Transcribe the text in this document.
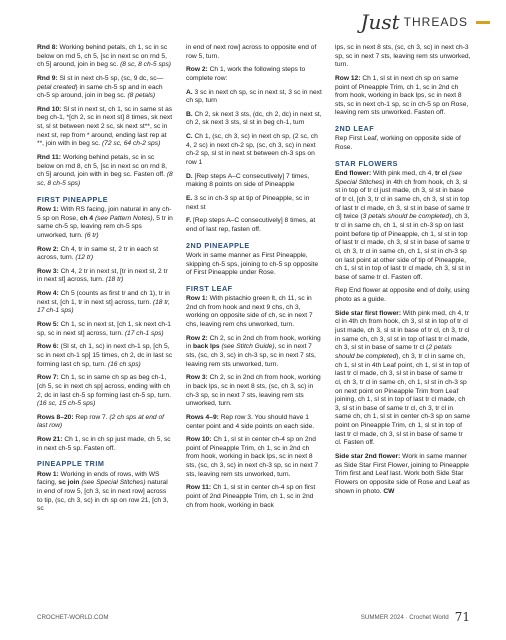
Just THREADS

Rnd 8: Working behind petals, ch 1, sc in sc below on rnd 5, ch 5, [sc in next sc on rnd 5, ch 5] around, join in beg sc. (8 sc, 8 ch-5 sps)

Rnd 9: Sl st in next ch-5 sp, (sc, 9 dc, sc—petal created) in same ch-5 sp and in each ch-5 sp around, join in beg sc. (8 petals)

Rnd 10: Sl st in next st, ch 1, sc in same st as beg ch-1, *[ch 2, sc in next st] 8 times, sk next st, sl st between next 2 sc, sk next st**, sc in next st, rep from * around, ending last rep at **, join with in beg sc. (72 sc, 64 ch-2 sps)

Rnd 11: Working behind petals, sc in sc below on rnd 8, ch 5, [sc in next sc on rnd 8, ch 5] around, join with in beg sc. Fasten off. (8 sc, 8 ch-5 sps)

FIRST PINEAPPLE

Row 1: With RS facing, join natural in any ch-5 sp on Rose, ch 4 (see Pattern Notes), 5 tr in same ch-5 sp, leaving rem ch-5 sps unworked, turn. (6 tr)

Row 2: Ch 4, tr in same st, 2 tr in each st across, turn. (12 tr)

Row 3: Ch 4, 2 tr in next st, [tr in next st, 2 tr in next st] across, turn. (18 tr)

Row 4: Ch 5 (counts as first tr and ch 1), tr in next st, [ch 1, tr in next st] across, turn. (18 tr, 17 ch-1 sps)

Row 5: Ch 1, sc in next st, [ch 1, sk next ch-1 sp, sc in next st] across, turn. (17 ch-1 sps)

Row 6: (Sl st, ch 1, sc) in next ch-1 sp, [ch 5, sc in next ch-1 sp] 15 times, ch 2, dc in last sc forming last ch sp, turn. (16 ch sps)

Row 7: Ch 1, sc in same ch sp as beg ch-1, [ch 5, sc in next ch sp] across, ending with ch 2, dc in last ch-5 sp forming last ch-5 sp, turn. (16 sc, 15 ch-5 sps)

Rows 8–20: Rep row 7. (2 ch sps at end of last row)

Row 21: Ch 1, sc in ch sp just made, ch 5, sc in next ch-5 sp. Fasten off.

PINEAPPLE TRIM

Row 1: Working in ends of rows, with WS facing, sc join (see Special Stitches) natural in end of row 5, [ch 3, sc in next row] across to tip, (sc, ch 3, sc) in ch sp on row 21, [ch 3, sc

in end of next row] across to opposite end of row 5, turn.

Row 2: Ch 1, work the following steps to complete row:

A. 3 sc in next ch sp, sc in next st, 3 sc in next ch sp, turn

B. Ch 2, sk next 3 sts, (dc, ch 2, dc) in next st, ch 2, sk next 3 sts, sl st in beg ch-1, turn

C. Ch 1, (sc, ch 3, sc) in next ch sp, (2 sc, ch 4, 2 sc) in next ch-2 sp, (sc, ch 3, sc) in next ch-2 sp, sl st in next st between ch-3 sps on row 1

D. [Rep steps A–C consecutively] 7 times, making 8 points on side of Pineapple

E. 3 sc in ch-3 sp at tip of Pineapple, sc in next st

F. [Rep steps A–C consecutively] 8 times, at end of last rep, fasten off.

2ND PINEAPPLE

Work in same manner as First Pineapple, skipping ch-5 sps, joining to ch-5 sp opposite of First Pineapple under Rose.

FIRST LEAF

Row 1: With pistachio green lt, ch 11, sc in 2nd ch from hook and next 9 chs, ch 3, working on opposite side of ch, sc in next 7 chs, leaving rem chs unworked, turn.

Row 2: Ch 2, sc in 2nd ch from hook, working in back lps (see Stitch Guide), sc in next 7 sts, (sc, ch 3, sc) in ch-3 sp, sc in next 7 sts, leaving rem sts unworked, turn.

Row 3: Ch 2, sc in 2nd ch from hook, working in back lps, sc in next 8 sts, (sc, ch 3, sc) in ch-3 sp, sc in next 7 sts, leaving rem sts unworked, turn.

Rows 4–9: Rep row 3. You should have 1 center point and 4 side points on each side.

Row 10: Ch 1, sl st in center ch-4 sp on 2nd point of Pineapple Trim, ch 1, sc in 2nd ch from hook, working in back lps, sc in next 8 sts, (sc, ch 3, sc) in next ch-3 sp, sc in next 7 sts, leaving rem sts unworked, turn.

Row 11: Ch 1, sl st in center ch-4 sp on first point of 2nd Pineapple Trim, ch 1, sc in 2nd ch from hook, working in back

lps, sc in next 8 sts, (sc, ch 3, sc) in next ch-3 sp, sc in next 7 sts, leaving rem sts unworked, turn.

Row 12: Ch 1, sl st in next ch sp on same point of Pineapple Trim, ch 1, sc in 2nd ch from hook, working in back lps, sc in next 8 sts, sc in next ch-1 sp, sc in ch-5 sp on Rose, leaving rem sts unworked. Fasten off.

2ND LEAF

Rep First Leaf, working on opposite side of Rose.

STAR FLOWERS

End flower: With pink med, ch 4, tr cl (see Special Stitches) in 4th ch from hook, ch 3, sl st in top of tr cl just made, ch 3, sl st in base of tr cl, [ch 3, tr cl in same ch, ch 3, sl st in top of last tr cl made, ch 3, sl st in base of same tr cl] twice (3 petals should be completed), ch 3, tr cl in same ch, ch 1, sl st in ch-3 sp on last point before tip of Pineapple, ch 1, sl st in top of last tr cl made, ch 3, sl st in base of same tr cl, ch 3, tr cl in same ch, ch 1, sl st in ch-3 sp on last point at other side of tip of Pineapple, ch 1, sl st in top of last tr cl made, ch 3, sl st in base of same tr cl. Fasten off.

Rep End flower at opposite end of doily, using photo as a guide.

Side star first flower: With pink med, ch 4, tr cl in 4th ch from hook, ch 3, sl st in top of tr cl just made, ch 3, sl st in base of tr cl, ch 3, tr cl in same ch, ch 3, sl st in top of last tr cl made, ch 3, sl st in base of same tr cl (2 petals should be completed), ch 3, tr cl in same ch, ch 1, sl st in 4th Leaf point, ch 1, sl st in top of last tr cl made, ch 3, sl st in base of same tr cl, ch 3, tr cl in same ch, ch 1, sl st in ch-3 sp on next point on Pineapple Trim from Leaf joining, ch 1, sl st in top of last tr cl made, ch 3, sl st in base of same tr cl, ch 3, tr cl in same ch, ch 1, sl st in center ch-3 sp on same point on Pineapple Trim, ch 1, sl st in top of last tr cl made, ch 3, sl st in base of same tr cl. Fasten off.

Side star 2nd flower: Work in same manner as Side Star First Flower, joining to Pineapple Trim first and Leaf last. Work both Side Star Flowers on opposite side of Rose and Leaf as shown in photo. CW

CROCHET-WORLD.COM	SUMMER 2024 · Crochet World 71
